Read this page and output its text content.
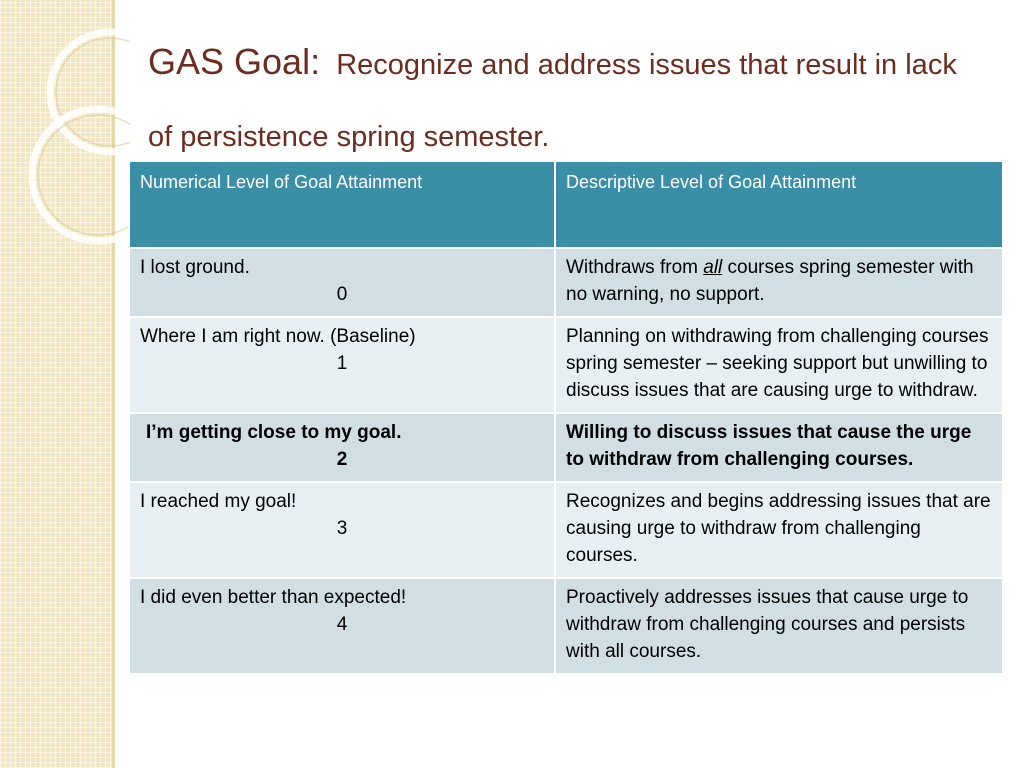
GAS Goal: Recognize and address issues that result in lack of persistence spring semester.
Numerical Level of Goal Attainment	Descriptive Level of Goal Attainment
I lost ground.
0	Withdraws from all courses spring semester with no warning, no support.
Where I am right now. (Baseline)
1	Planning on withdrawing from challenging courses spring semester – seeking support but unwilling to discuss issues that are causing urge to withdraw.
I’m getting close to my goal.
2	Willing to discuss issues that cause the urge to withdraw from challenging courses.
I reached my goal!
3	Recognizes and begins addressing issues that are causing urge to withdraw from challenging courses.
I did even better than expected!
4	Proactively addresses issues that cause urge to withdraw from challenging courses and persists with all courses.
